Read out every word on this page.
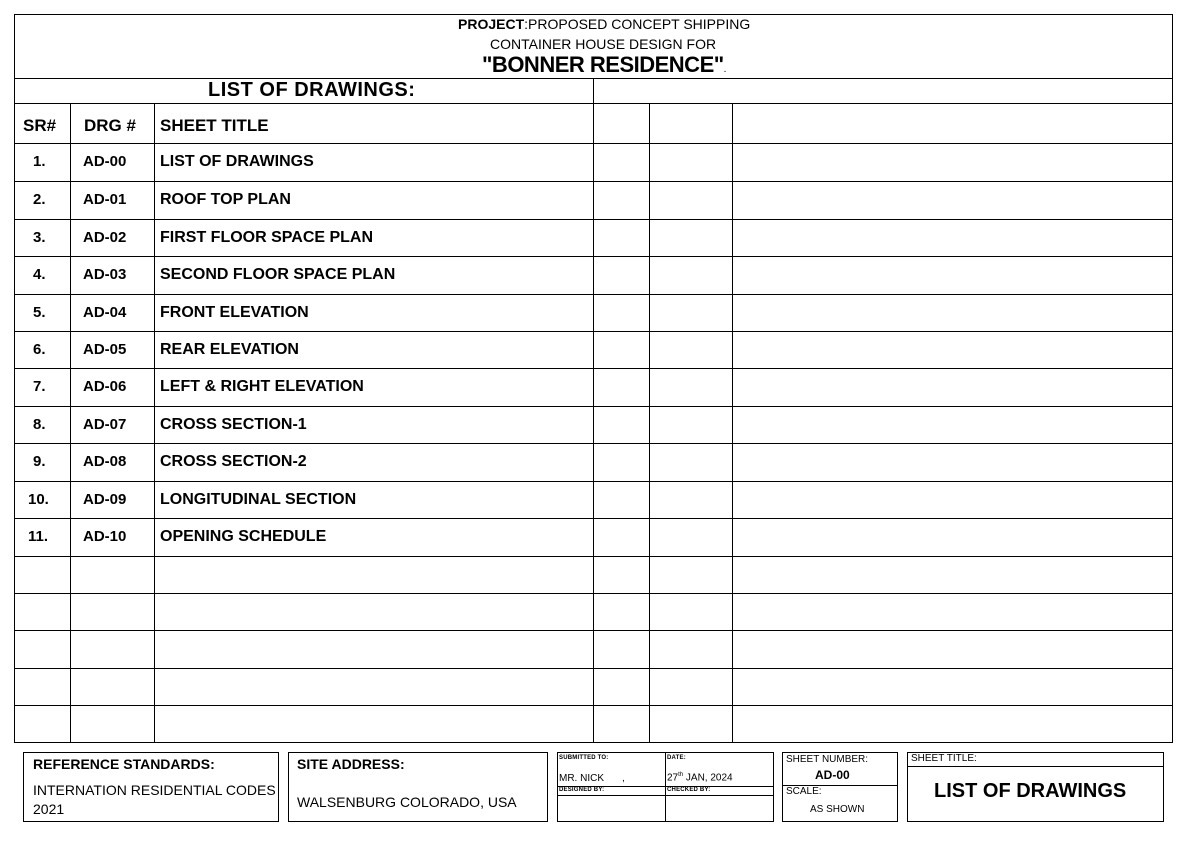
PROJECT:PROPOSED CONCEPT SHIPPING
CONTAINER HOUSE DESIGN FOR
"BONNER RESIDENCE".
LIST OF DRAWINGS:
SR# DRG # SHEET TITLE
1. AD-00 LIST OF DRAWINGS
2. AD-01 ROOF TOP PLAN
3. AD-02 FIRST FLOOR SPACE PLAN
4. AD-03 SECOND FLOOR SPACE PLAN
5. AD-04 FRONT ELEVATION
6. AD-05 REAR ELEVATION
7. AD-06 LEFT & RIGHT ELEVATION
8. AD-07 CROSS SECTION-1
9. AD-08 CROSS SECTION-2
10. AD-09 LONGITUDINAL SECTION
11. AD-10 OPENING SCHEDULE
REFERENCE STANDARDS:
INTERNATION RESIDENTIAL CODES
2021
SITE ADDRESS:
WALSENBURG COLORADO, USA
SUBMITTED TO:	DATE:
MR. NICK ,	27th JAN, 2024
DESIGNED BY:	CHECKED BY:
SHEET NUMBER:
AD-00
SCALE:
AS SHOWN
SHEET TITLE:
LIST OF DRAWINGS
